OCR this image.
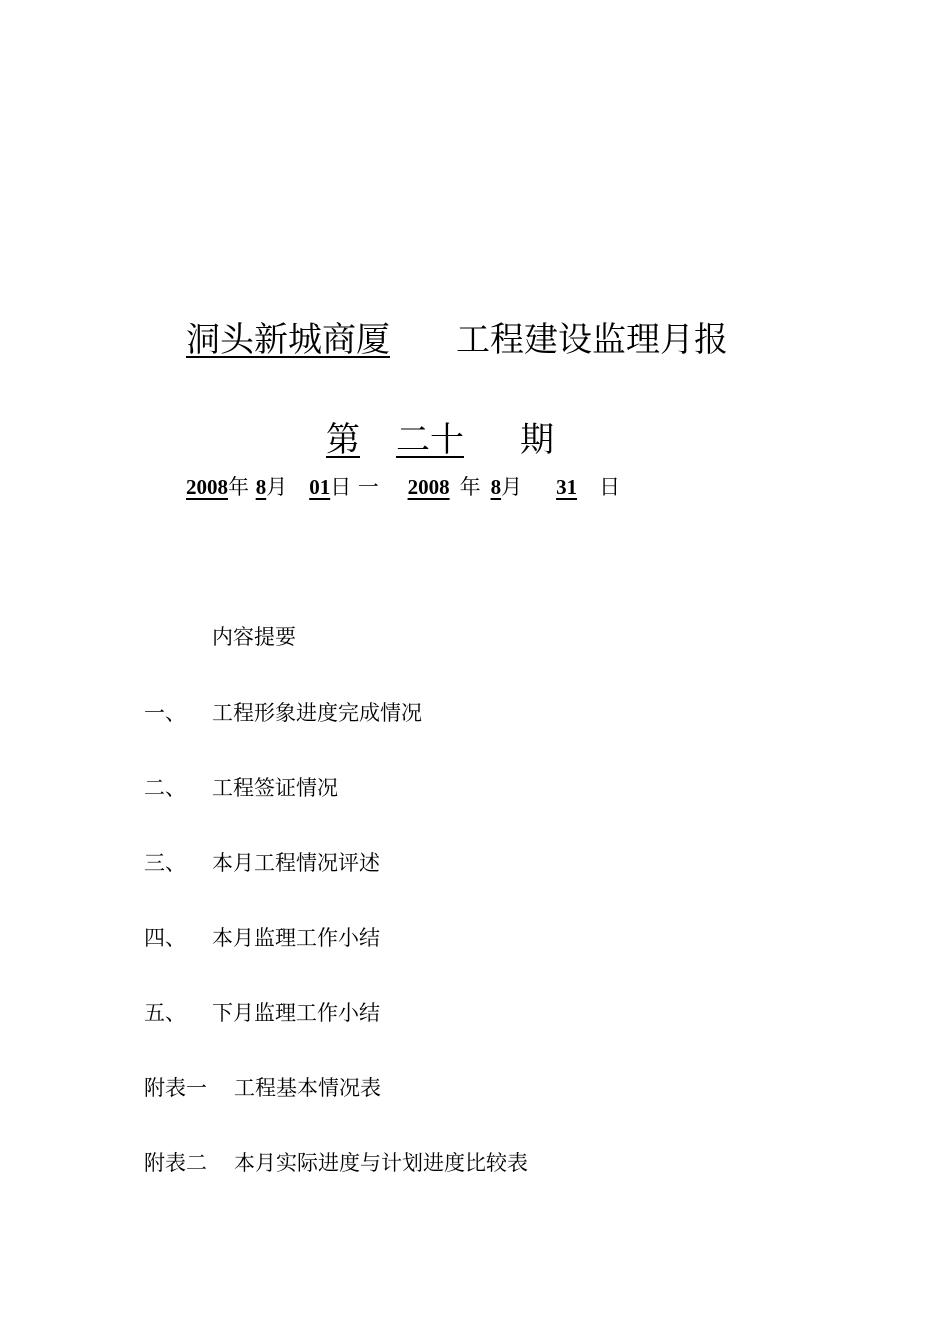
洞头新城商厦 工程建设监理月报
第 二十 期
2008年 8月 01日 一 2008 年 8月 31 日
内容提要
一、 工程形象进度完成情况
二、 工程签证情况
三、 本月工程情况评述
四、 本月监理工作小结
五、 下月监理工作小结
附表一 工程基本情况表
附表二 本月实际进度与计划进度比较表
